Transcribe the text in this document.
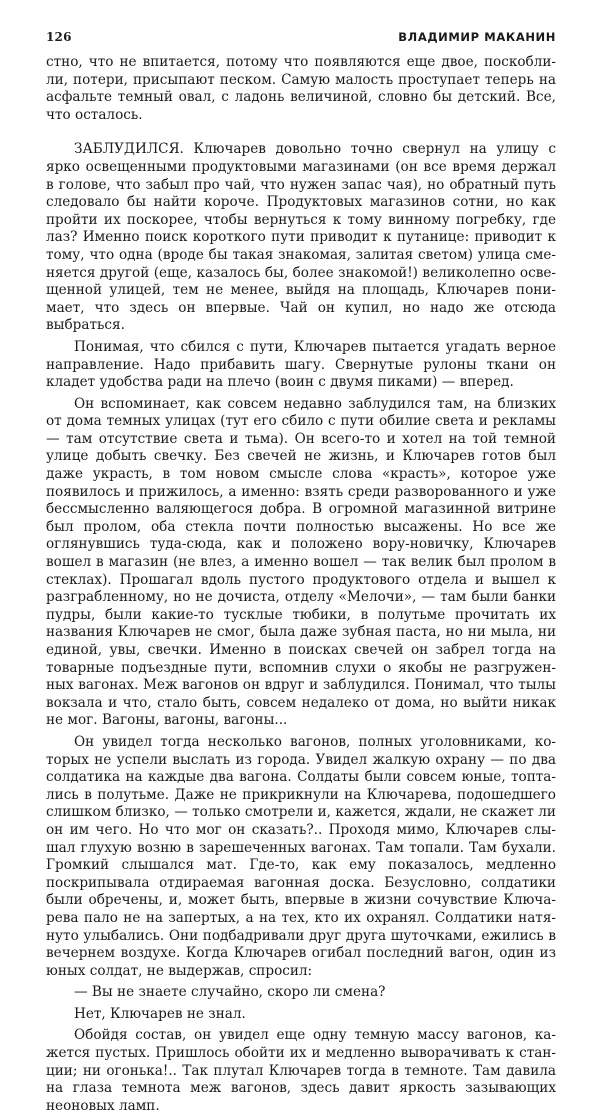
126	ВЛАДИМИР МАКАНИН

стно, что не впитается, потому что появляются еще двое, поскоблили, потери, присыпают песком. Самую малость проступает теперь на асфальте темный овал, с ладонь величиной, словно бы детский. Все, что осталось.

ЗАБЛУДИЛСЯ. Ключарев довольно точно свернул на улицу с ярко освещенными продуктовыми магазинами (он все время держал в голове, что забыл про чай, что нужен запас чая), но обратный путь следовало бы найти короче. Продуктовых магазинов сотни, но как пройти их поскорее, чтобы вернуться к тому винному погребку, где лаз? Именно поиск короткого пути приводит к путанице: приводит к тому, что одна (вроде бы такая знакомая, залитая светом) улица сменяется другой (еще, казалось бы, более знакомой!) великолепно освещенной улицей, тем не менее, выйдя на площадь, Ключарев понимает, что здесь он впервые. Чай он купил, но надо же отсюда выбраться.

Понимая, что сбился с пути, Ключарев пытается угадать верное направление. Надо прибавить шагу. Свернутые рулоны ткани он кладет удобства ради на плечо (воин с двумя пиками) — вперед.

Он вспоминает, как совсем недавно заблудился там, на близких от дома темных улицах (тут его сбило с пути обилие света и рекламы — там отсутствие света и тьма). Он всего-то и хотел на той темной улице добыть свечку. Без свечей не жизнь, и Ключарев готов был даже украсть, в том новом смысле слова «красть», которое уже появилось и прижилось, а именно: взять среди разворованного и уже бессмысленно валяющегося добра. В огромной магазинной витрине был пролом, оба стекла почти полностью высажены. Но все же оглянувшись туда-сюда, как и положено вору-новичку, Ключарев вошел в магазин (не влез, а именно вошел — так велик был пролом в стеклах). Прошагал вдоль пустого продуктового отдела и вышел к разграбленному, но не дочиста, отделу «Мелочи», — там были банки пудры, были какие-то тусклые тюбики, в полутьме прочитать их названия Ключарев не смог, была даже зубная паста, но ни мыла, ни единой, увы, свечки. Именно в поисках свечей он забрел тогда на товарные подъездные пути, вспомнив слухи о якобы не разгруженных вагонах. Меж вагонов он вдруг и заблудился. Понимал, что тылы вокзала и что, стало быть, совсем недалеко от дома, но выйти никак не мог. Вагоны, вагоны, вагоны...

Он увидел тогда несколько вагонов, полных уголовниками, которых не успели выслать из города. Увидел жалкую охрану — по два солдатика на каждые два вагона. Солдаты были совсем юные, топтались в полутьме. Даже не прикрикнули на Ключарева, подошедшего слишком близко, — только смотрели и, кажется, ждали, не скажет ли он им чего. Но что мог он сказать?.. Проходя мимо, Ключарев слышал глухую возню в зарешеченных вагонах. Там топали. Там бухали. Громкий слышался мат. Где-то, как ему показалось, медленно поскрипывала отдираемая вагонная доска. Безусловно, солдатики были обречены, и, может быть, впервые в жизни сочувствие Ключарева пало не на запертых, а на тех, кто их охранял. Солдатики натянуто улыбались. Они подбадривали друг друга шуточками, ежились в вечернем воздухе. Когда Ключарев огибал последний вагон, один из юных солдат, не выдержав, спросил:

— Вы не знаете случайно, скоро ли смена?

Нет, Ключарев не знал.

Обойдя состав, он увидел еще одну темную массу вагонов, кажется пустых. Пришлось обойти их и медленно выворачивать к станции; ни огонька!.. Так плутал Ключарев тогда в темноте. Там давила на глаза темнота меж вагонов, здесь давит яркость зазывающих неоновых ламп.
